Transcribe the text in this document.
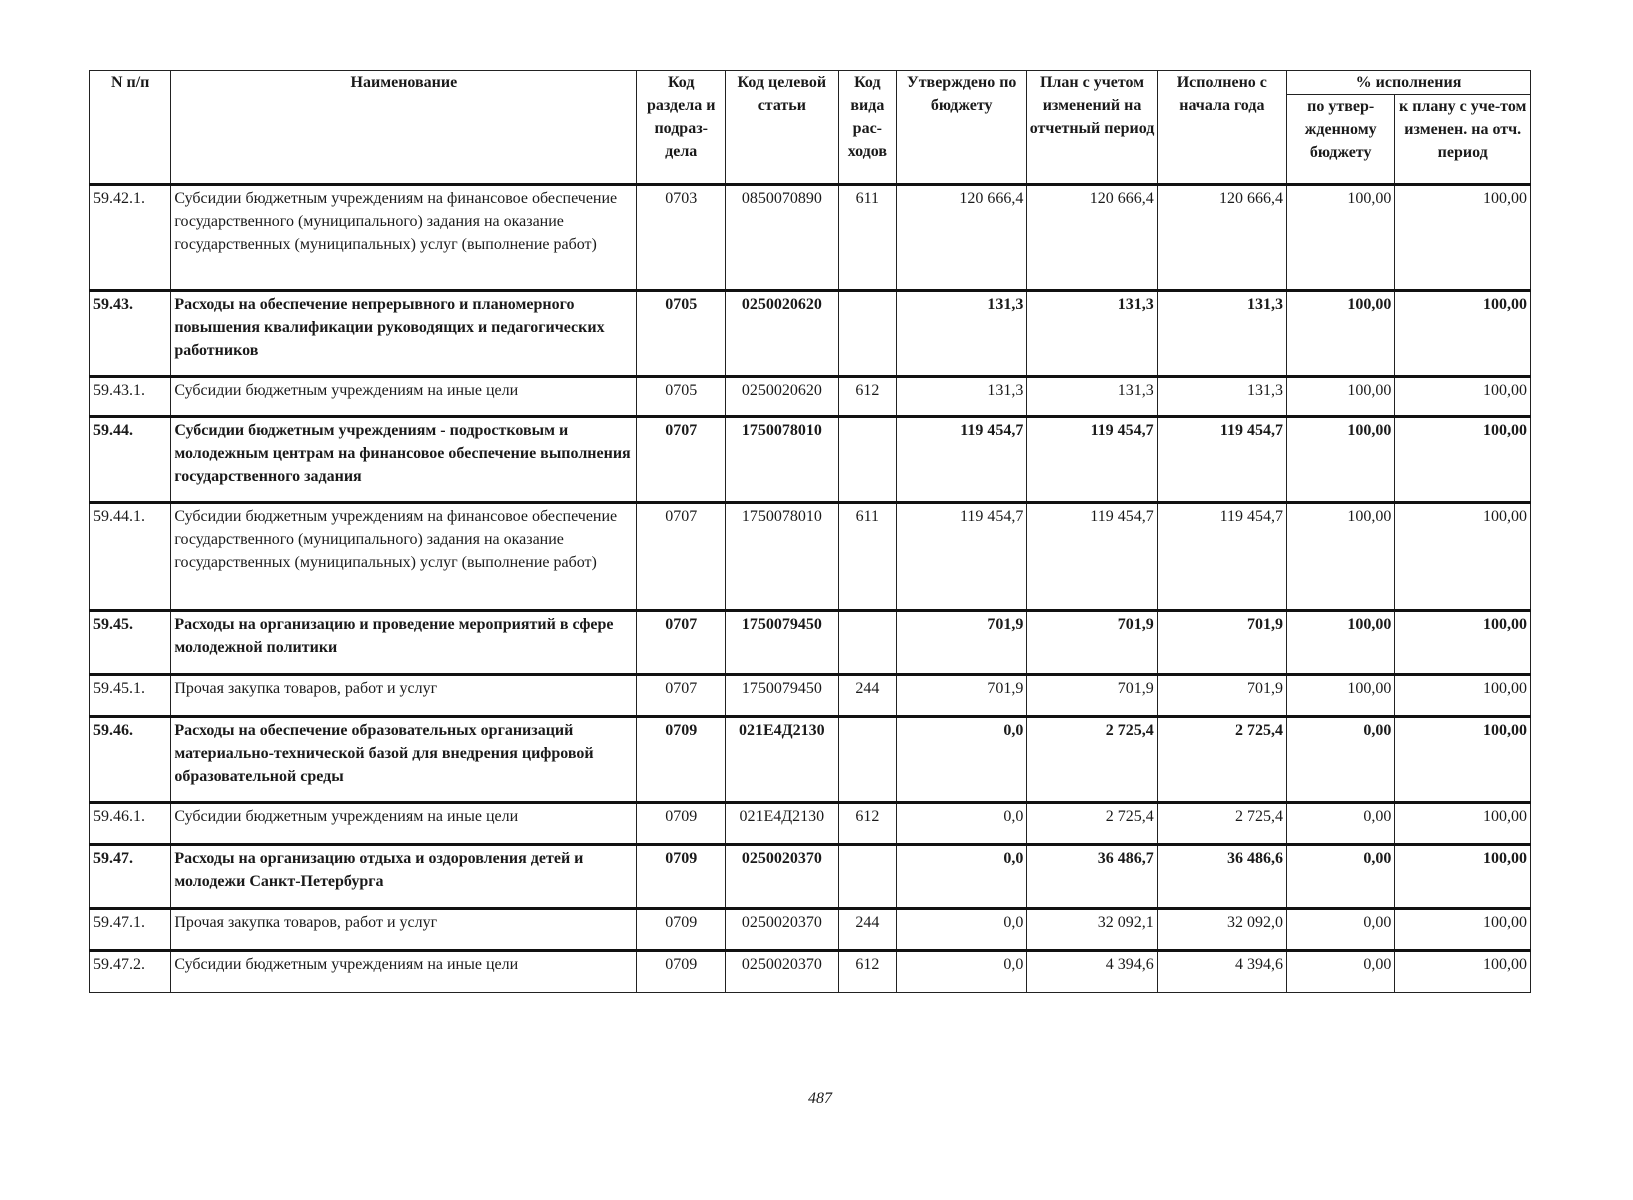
N п/п	Наименование	Код раздела и подраз-дела	Код целевой статьи	Код вида рас-ходов	Утверждено по бюджету	План с учетом изменений на отчетный период	Исполнено с начала года	% исполнения	
								по утвер-жденному бюджету	к плану с уче-том изменен. на отч. период
59.42.1.	Субсидии бюджетным учреждениям на финансовое обеспечение государственного (муниципального) задания на оказание государственных (муниципальных) услуг (выполнение работ)	0703	0850070890	611	120 666,4	120 666,4	120 666,4	100,00	100,00
59.43.	Расходы на обеспечение непрерывного и планомерного повышения квалификации руководящих и педагогических работников	0705	0250020620		131,3	131,3	131,3	100,00	100,00
59.43.1.	Субсидии бюджетным учреждениям на иные цели	0705	0250020620	612	131,3	131,3	131,3	100,00	100,00
59.44.	Субсидии бюджетным учреждениям - подростковым и молодежным центрам на финансовое обеспечение выполнения государственного задания	0707	1750078010		119 454,7	119 454,7	119 454,7	100,00	100,00
59.44.1.	Субсидии бюджетным учреждениям на финансовое обеспечение государственного (муниципального) задания на оказание государственных (муниципальных) услуг (выполнение работ)	0707	1750078010	611	119 454,7	119 454,7	119 454,7	100,00	100,00
59.45.	Расходы на организацию и проведение мероприятий в сфере молодежной политики	0707	1750079450		701,9	701,9	701,9	100,00	100,00
59.45.1.	Прочая закупка товаров, работ и услуг	0707	1750079450	244	701,9	701,9	701,9	100,00	100,00
59.46.	Расходы на обеспечение образовательных организаций материально-технической базой для внедрения цифровой образовательной среды	0709	021Е4Д2130		0,0	2 725,4	2 725,4	0,00	100,00
59.46.1.	Субсидии бюджетным учреждениям на иные цели	0709	021Е4Д2130	612	0,0	2 725,4	2 725,4	0,00	100,00
59.47.	Расходы на организацию отдыха и оздоровления детей и молодежи Санкт-Петербурга	0709	0250020370		0,0	36 486,7	36 486,6	0,00	100,00
59.47.1.	Прочая закупка товаров, работ и услуг	0709	0250020370	244	0,0	32 092,1	32 092,0	0,00	100,00
59.47.2.	Субсидии бюджетным учреждениям на иные цели	0709	0250020370	612	0,0	4 394,6	4 394,6	0,00	100,00
487
